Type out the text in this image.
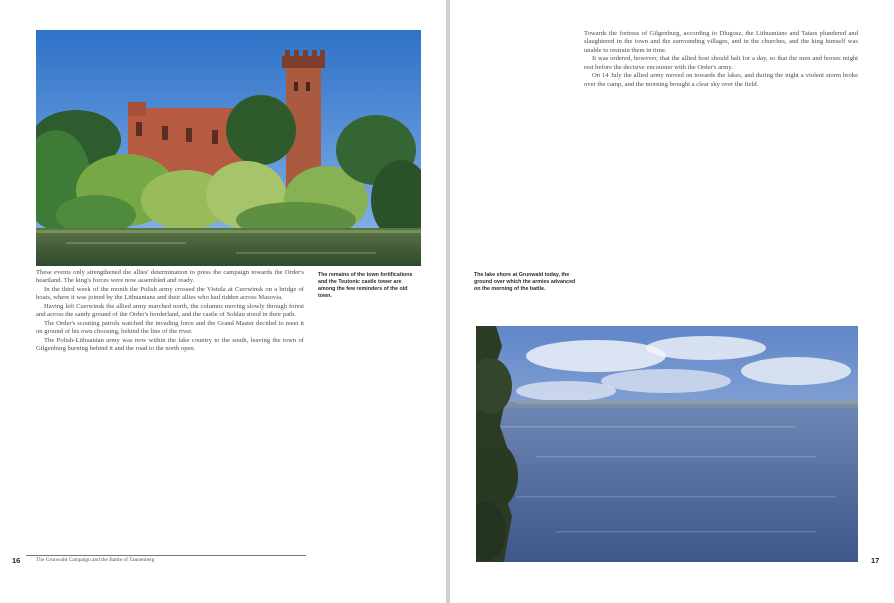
These events only strengthened the allies' determination to press the campaign towards the Order's heartland. The king's forces were now assembled and ready.

In the third week of the month the Polish army crossed the Vistula at Czerwinsk on a bridge of boats, where it was joined by the Lithuanians and their allies who had ridden across Masovia.

Having left Czerwinsk the allied army marched north, the columns moving slowly through forest and across the sandy ground of the Order's borderland, and the castle of Soldau stood in their path.

The Order's scouting patrols watched the invading force and the Grand Master decided to meet it on ground of his own choosing, behind the line of the river.

The Polish-Lithuanian army was now within the lake country to the south, leaving the town of Gilgenburg burning behind it and the road to the north open.

The remains of the town fortifications and the Teutonic castle tower are among the few reminders of the old town.

The Grunwald Campaign and the Battle of Tannenberg
16

Towards the fortress of Gilgenburg, according to Dlugosz, the Lithuanians and Tatars plundered and slaughtered in the town and the surrounding villages, and in the churches, and the king himself was unable to restrain them in time.

It was ordered, however, that the allied host should halt for a day, so that the men and horses might rest before the decisive encounter with the Order's army.

On 14 July the allied army moved on towards the lakes, and during the night a violent storm broke over the camp, and the morning brought a clear sky over the field.

The lake shore at Grunwald today, the ground over which the armies advanced on the morning of the battle.

17
